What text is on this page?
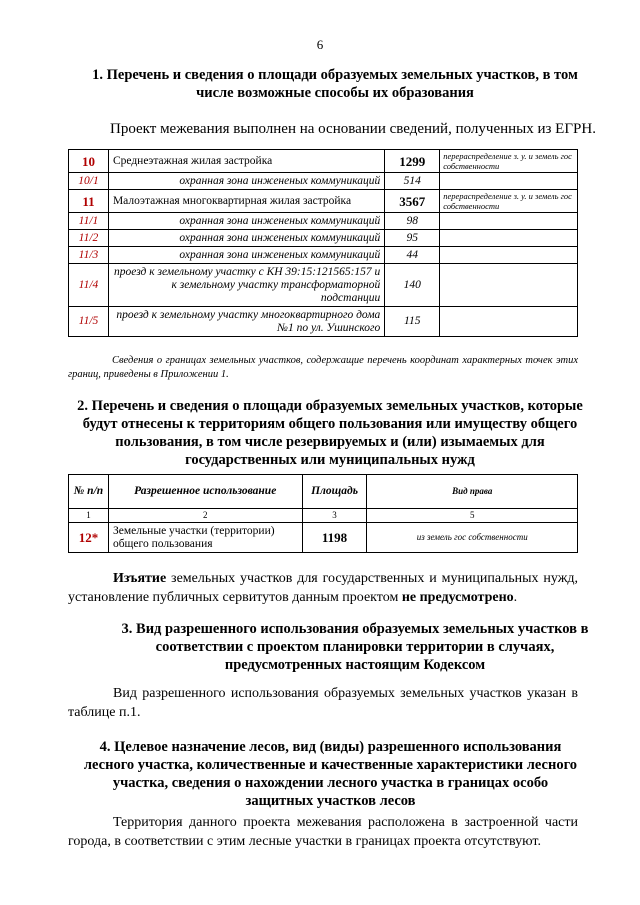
6
1. Перечень и сведения о площади образуемых земельных участков, в том
числе возможные способы их образования
Проект межевания выполнен на основании сведений, полученных из ЕГРН.
10	Среднеэтажная жилая застройка	1299	перераспределение з. у. и земель гос собственности
10/1	охранная зона инжененых коммуникаций	514	
11	Малоэтажная многоквартирная жилая застройка	3567	перераспределение з. у. и земель гос собственности
11/1	охранная зона инжененых коммуникаций	98	
11/2	охранная зона инжененых коммуникаций	95	
11/3	охранная зона инжененых коммуникаций	44	
11/4	проезд к земельному участку с КН 39:15:121565:157 и к земельному участку трансформаторной подстанции	140	
11/5	проезд к земельному участку многоквартирного дома №1 по ул. Ушинского	115	
Сведения о границах земельных участков, содержащие перечень координат характерных точек этих границ, приведены в Приложении 1.
2. Перечень и сведения о площади образуемых земельных участков, которые будут отнесены к территориям общего пользования или имуществу общего пользования, в том числе резервируемых и (или) изымаемых для государственных или муниципальных нужд
№ п/п	Разрешенное использование	Площадь	Вид права
1	2	3	5
12*	Земельные участки (территории) общего пользования	1198	из земель гос собственности
Изъятие земельных участков для государственных и муниципальных нужд, установление публичных сервитутов данным проектом не предусмотрено.
3. Вид разрешенного использования образуемых земельных участков в
соответствии с проектом планировки территории в случаях,
предусмотренных настоящим Кодексом
Вид разрешенного использования образуемых земельных участков указан в таблице п.1.
4. Целевое назначение лесов, вид (виды) разрешенного использования
лесного участка, количественные и качественные характеристики лесного
участка, сведения о нахождении лесного участка в границах особо
защитных участков лесов
Территория данного проекта межевания расположена в застроенной части города, в соответствии с этим лесные участки в границах проекта отсутствуют.
